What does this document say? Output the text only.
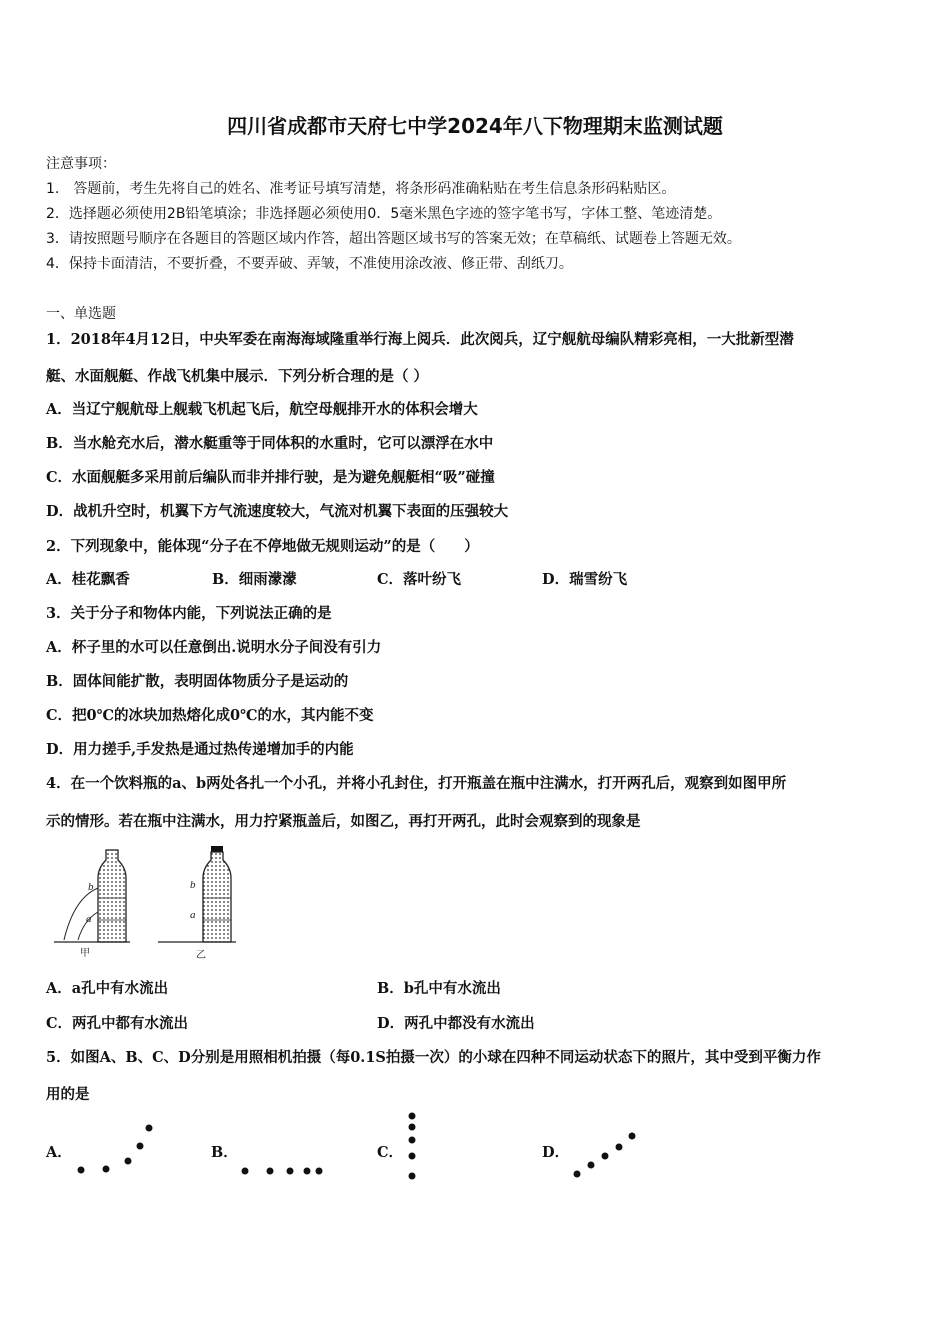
四川省成都市天府七中学2024年八下物理期末监测试题
注意事项：
1.　答题前，考生先将自己的姓名、准考证号填写清楚，将条形码准确粘贴在考生信息条形码粘贴区。
2．选择题必须使用2B铅笔填涂；非选择题必须使用0．5毫米黑色字迹的签字笔书写，字体工整、笔迹清楚。
3．请按照题号顺序在各题目的答题区域内作答，超出答题区域书写的答案无效；在草稿纸、试题卷上答题无效。
4．保持卡面清洁，不要折叠，不要弄破、弄皱，不准使用涂改液、修正带、刮纸刀。
一、单选题
1．2018年4月12日，中央军委在南海海域隆重举行海上阅兵．此次阅兵，辽宁舰航母编队精彩亮相，一大批新型潜
艇、水面舰艇、作战飞机集中展示．下列分析合理的是（ ）
A．当辽宁舰航母上舰载飞机起飞后，航空母舰排开水的体积会增大
B．当水舱充水后，潜水艇重等于同体积的水重时，它可以漂浮在水中
C．水面舰艇多采用前后编队而非并排行驶，是为避免舰艇相“吸”碰撞
D．战机升空时，机翼下方气流速度较大，气流对机翼下表面的压强较大
2．下列现象中，能体现“分子在不停地做无规则运动”的是（　　）
A．桂花飘香	B．细雨濛濛	C．落叶纷飞	D．瑞雪纷飞
3．关于分子和物体内能，下列说法正确的是
A．杯子里的水可以任意倒出.说明水分子间没有引力
B．固体间能扩散，表明固体物质分子是运动的
C．把0℃的冰块加热熔化成0℃的水，其内能不变
D．用力搓手,手发热是通过热传递增加手的内能
4．在一个饮料瓶的a、b两处各扎一个小孔，并将小孔封住，打开瓶盖在瓶中注满水，打开两孔后，观察到如图甲所
示的情形。若在瓶中注满水，用力拧紧瓶盖后，如图乙，再打开两孔，此时会观察到的现象是
b
a
甲
b
a
乙
A．a孔中有水流出	B．b孔中有水流出
C．两孔中都有水流出	D．两孔中都没有水流出
5．如图A、B、C、D分别是用照相机拍摄（每0.1S拍摄一次）的小球在四种不同运动状态下的照片，其中受到平衡力作
用的是
A．	B．	C．	D．
